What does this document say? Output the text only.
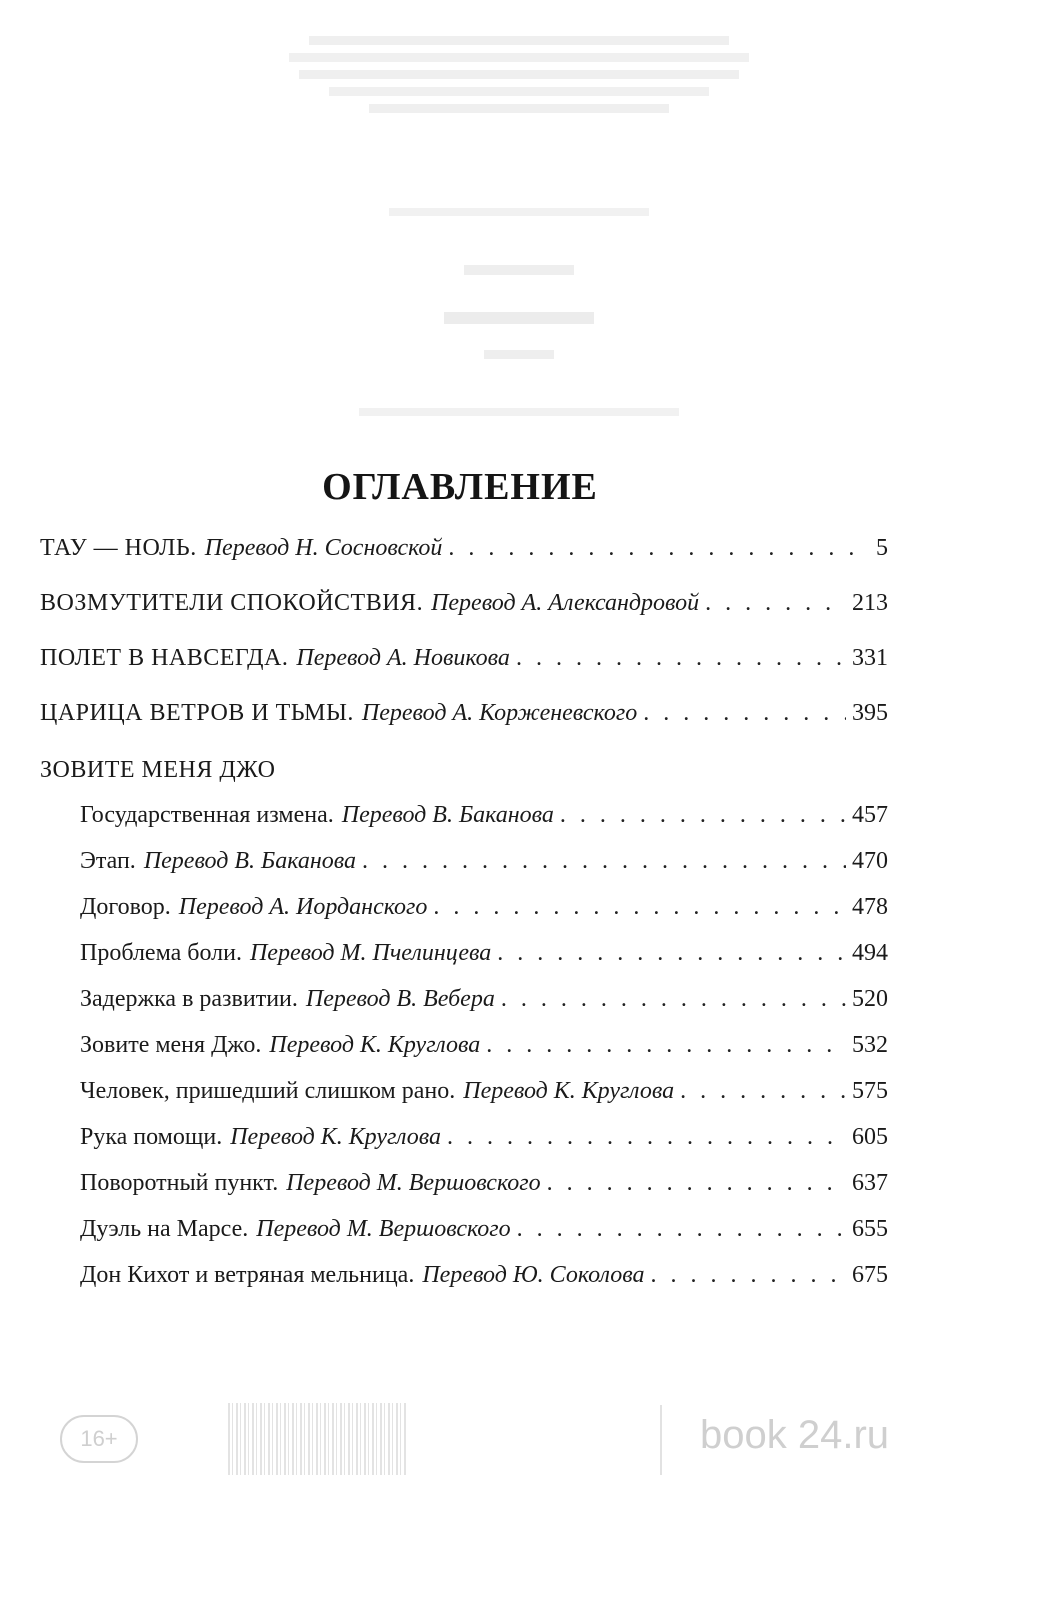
ОГЛАВЛЕНИЕ
ТАУ — НОЛЬ. Перевод Н. Сосновской . . .	5
ВОЗМУТИТЕЛИ СПОКОЙСТВИЯ. Перевод А. Александровой . . .	213
ПОЛЕТ В НАВСЕГДА. Перевод А. Новикова . . .	331
ЦАРИЦА ВЕТРОВ И ТЬМЫ. Перевод А. Корженевского . . .	395
ЗОВИТЕ МЕНЯ ДЖО
Государственная измена. Перевод В. Баканова . . .	457
Этап. Перевод В. Баканова . . .	470
Договор. Перевод А. Иорданского . . .	478
Проблема боли. Перевод М. Пчелинцева . . .	494
Задержка в развитии. Перевод В. Вебера . . .	520
Зовите меня Джо. Перевод К. Круглова . . .	532
Человек, пришедший слишком рано. Перевод К. Круглова . . .	575
Рука помощи. Перевод К. Круглова . . .	605
Поворотный пункт. Перевод М. Вершовского . . .	637
Дуэль на Марсе. Перевод М. Вершовского . . .	655
Дон Кихот и ветряная мельница. Перевод Ю. Соколова . . .	675
16+	book 24.ru
